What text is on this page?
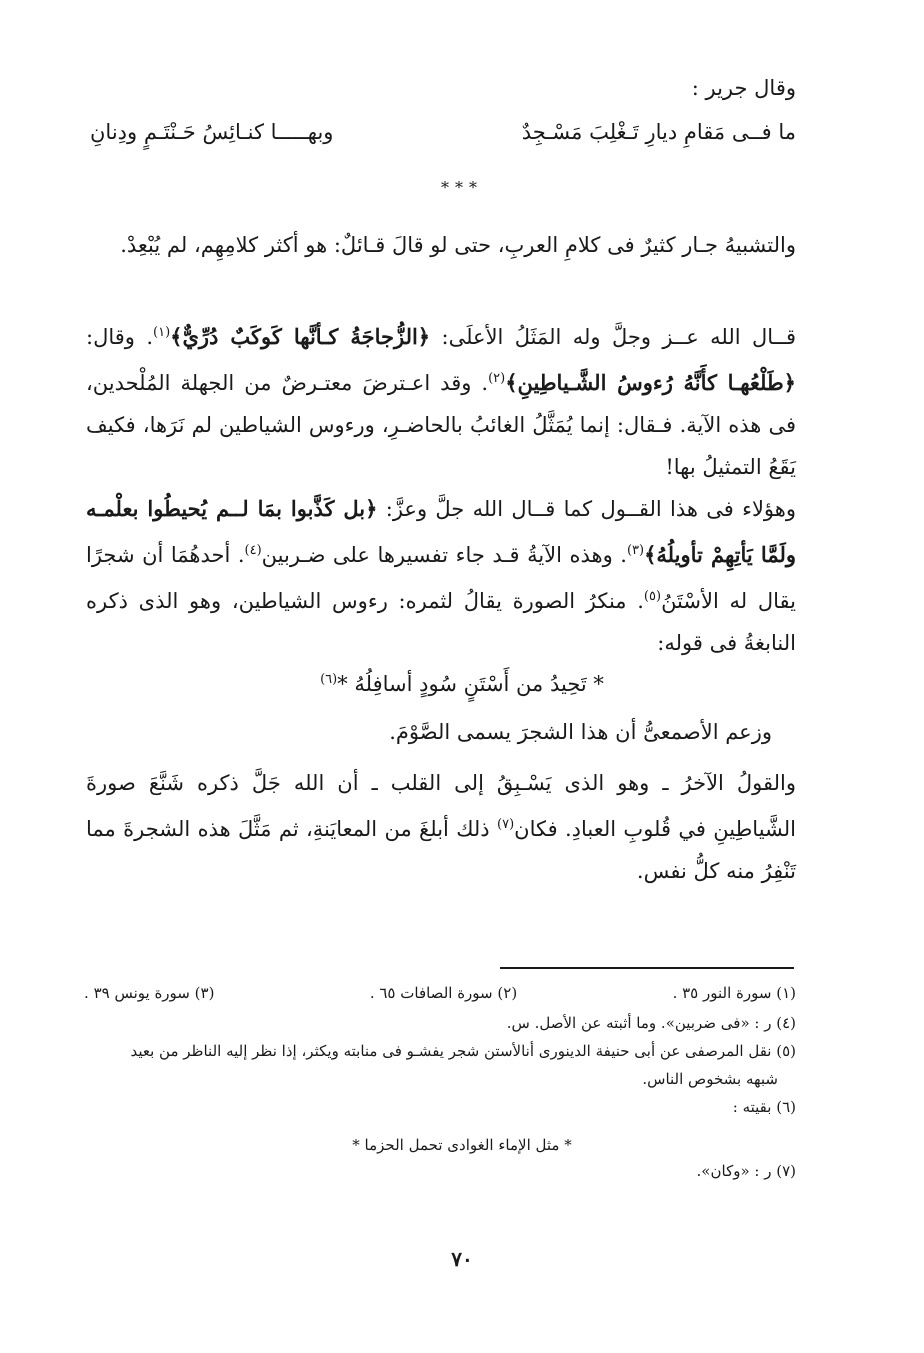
وقال جرير :
ما فــى مَقامِ ديارِ تَـغْلِبَ مَسْـجِدٌ
وبهـــــا كنـائِسُ حَـنْتَـمٍ ودِنانِ
***
والتشبيهُ جـار كثيرٌ فى كلامِ العربِ، حتى لو قالَ قـائلٌ: هو أكثر كلامِهِم، لم يُبْعِدْ.
قــال الله عــز وجلَّ وله المَثَلُ الأعلَى: ﴿الزُّجاجَةُ كـأنَّها كَوكَبٌ دُرِّيٌّ﴾$^{(١)}$. وقال: ﴿طَلْعُهـا كأَنَّهُ رُءوسُ الشَّـياطِينِ﴾$^{(٢)}$. وقد اعـترضَ معتـرضٌ من الجهلة المُلْحدين، فى هذه الآية. فـقال: إنما يُمَثَّلُ الغائبُ بالحاضـرِ، ورءوس الشياطين لم نَرَها، فكيف يَقَعُ التمثيلُ بها!
وهؤلاء فى هذا القــول كما قــال الله جلَّ وعزَّ: ﴿بل كَذَّبوا بمَا لــم يُحيطُوا بعلْمـه ولَمَّا يَأتِهِمْ تأويلُهُ﴾$^{(٣)}$. وهذه الآيةُ قـد جاء تفسيرها على ضـربين$^{(٤)}$. أحدهُمَا أن شجرًا يقال له الأسْتَنُ$^{(٥)}$. منكرُ الصورة يقالُ لثمره: رءوس الشياطين، وهو الذى ذكره النابغةُ فى قوله:
* تَحِيدُ من أَسْتَنٍ سُودٍ أسافِلُهُ *$^{(٦)}$
وزعم الأصمعىُّ أن هذا الشجرَ يسمى الصَّوْمَ.
والقولُ الآخرُ ـ وهو الذى يَسْـبِقُ إلى القلب ـ أن الله جَلَّ ذكره شَنَّعَ صورةَ الشَّياطِينِ في قُلوبِ العبادِ. فكان$^{(٧)}$ ذلك أبلغَ من المعايَنةِ، ثم مَثَّلَ هذه الشجرةَ مما تَنْفِرُ منه كلُّ نفس.
(١) سورة النور ٣٥ .
(٢) سورة الصافات ٦٥ .
(٣) سورة يونس ٣٩ .
(٤) ر : «فى ضربين». وما أثبته عن الأصل. س.
(٥) نقل المرصفى عن أبى حنيفة الدينورى أنالأستن شجر يفشـو فى منابته ويكثر، إذا نظر إليه الناظر من بعيد
شبهه بشخوص الناس.
(٦) بقيته :
* مثل الإماء الغوادى تحمل الحزما *
(٧) ر : «وكان».
٧٠
